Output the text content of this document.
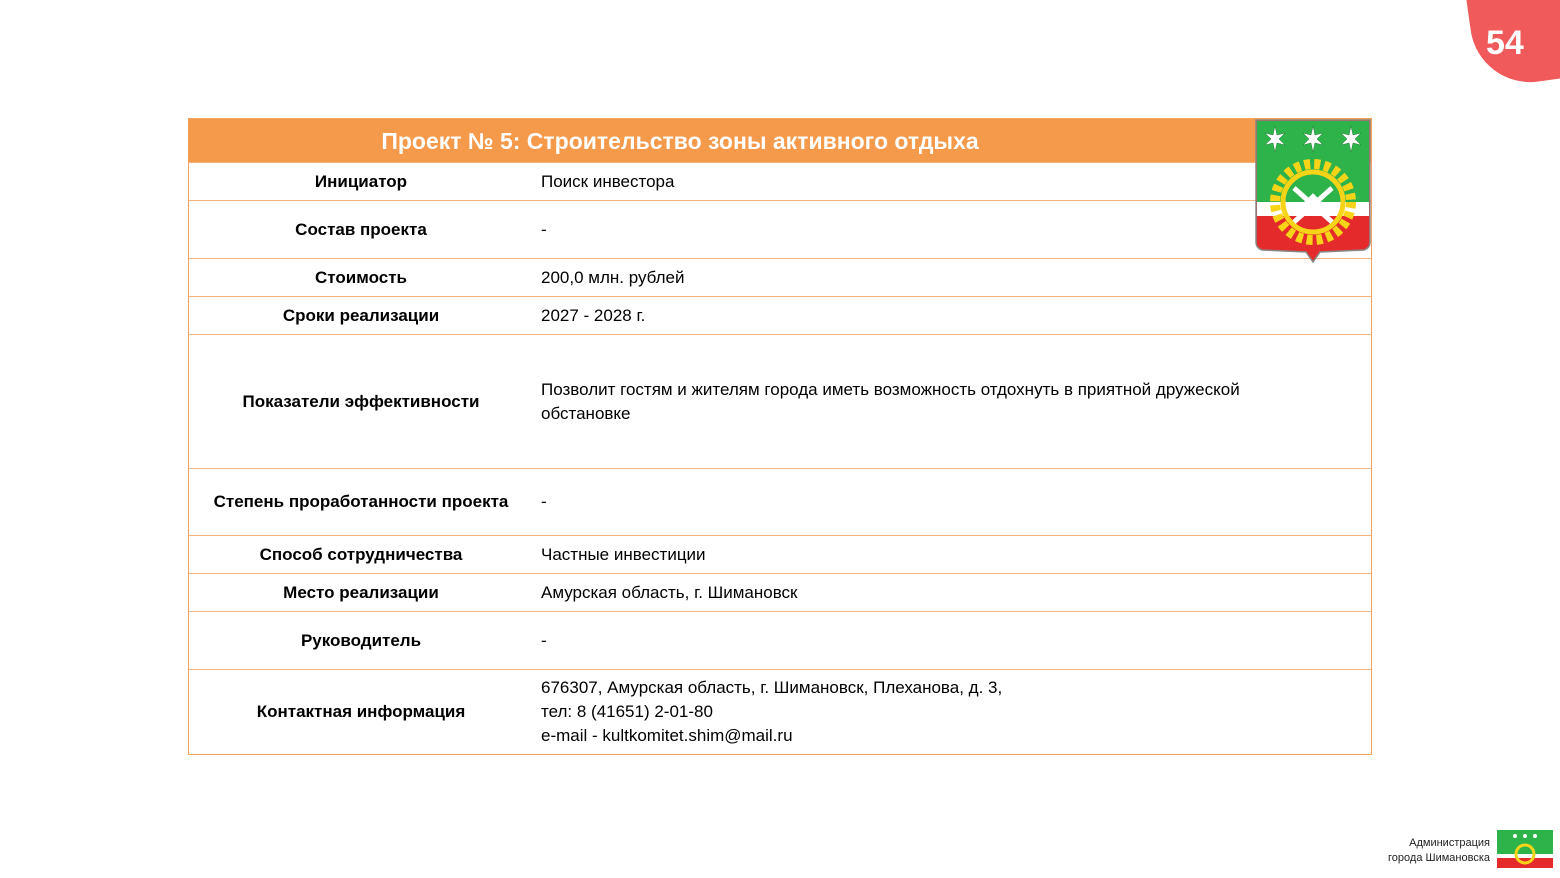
54
Проект № 5: Строительство зоны активного отдыха
Инициатор	Поиск инвестора
Состав проекта	-
Стоимость	200,0 млн. рублей
Сроки реализации	2027 - 2028 г.
Показатели эффективности	Позволит гостям и жителям города иметь возможность отдохнуть в приятной дружеской обстановке
Степень проработанности проекта	-
Способ сотрудничества	Частные инвестиции
Место реализации	Амурская область, г. Шимановск
Руководитель	-
Контактная информация	676307, Амурская область, г. Шимановск, Плеханова, д. 3,
тел: 8 (41651) 2-01-80
e-mail - kultkomitet.shim@mail.ru
Администрация
города Шимановска
